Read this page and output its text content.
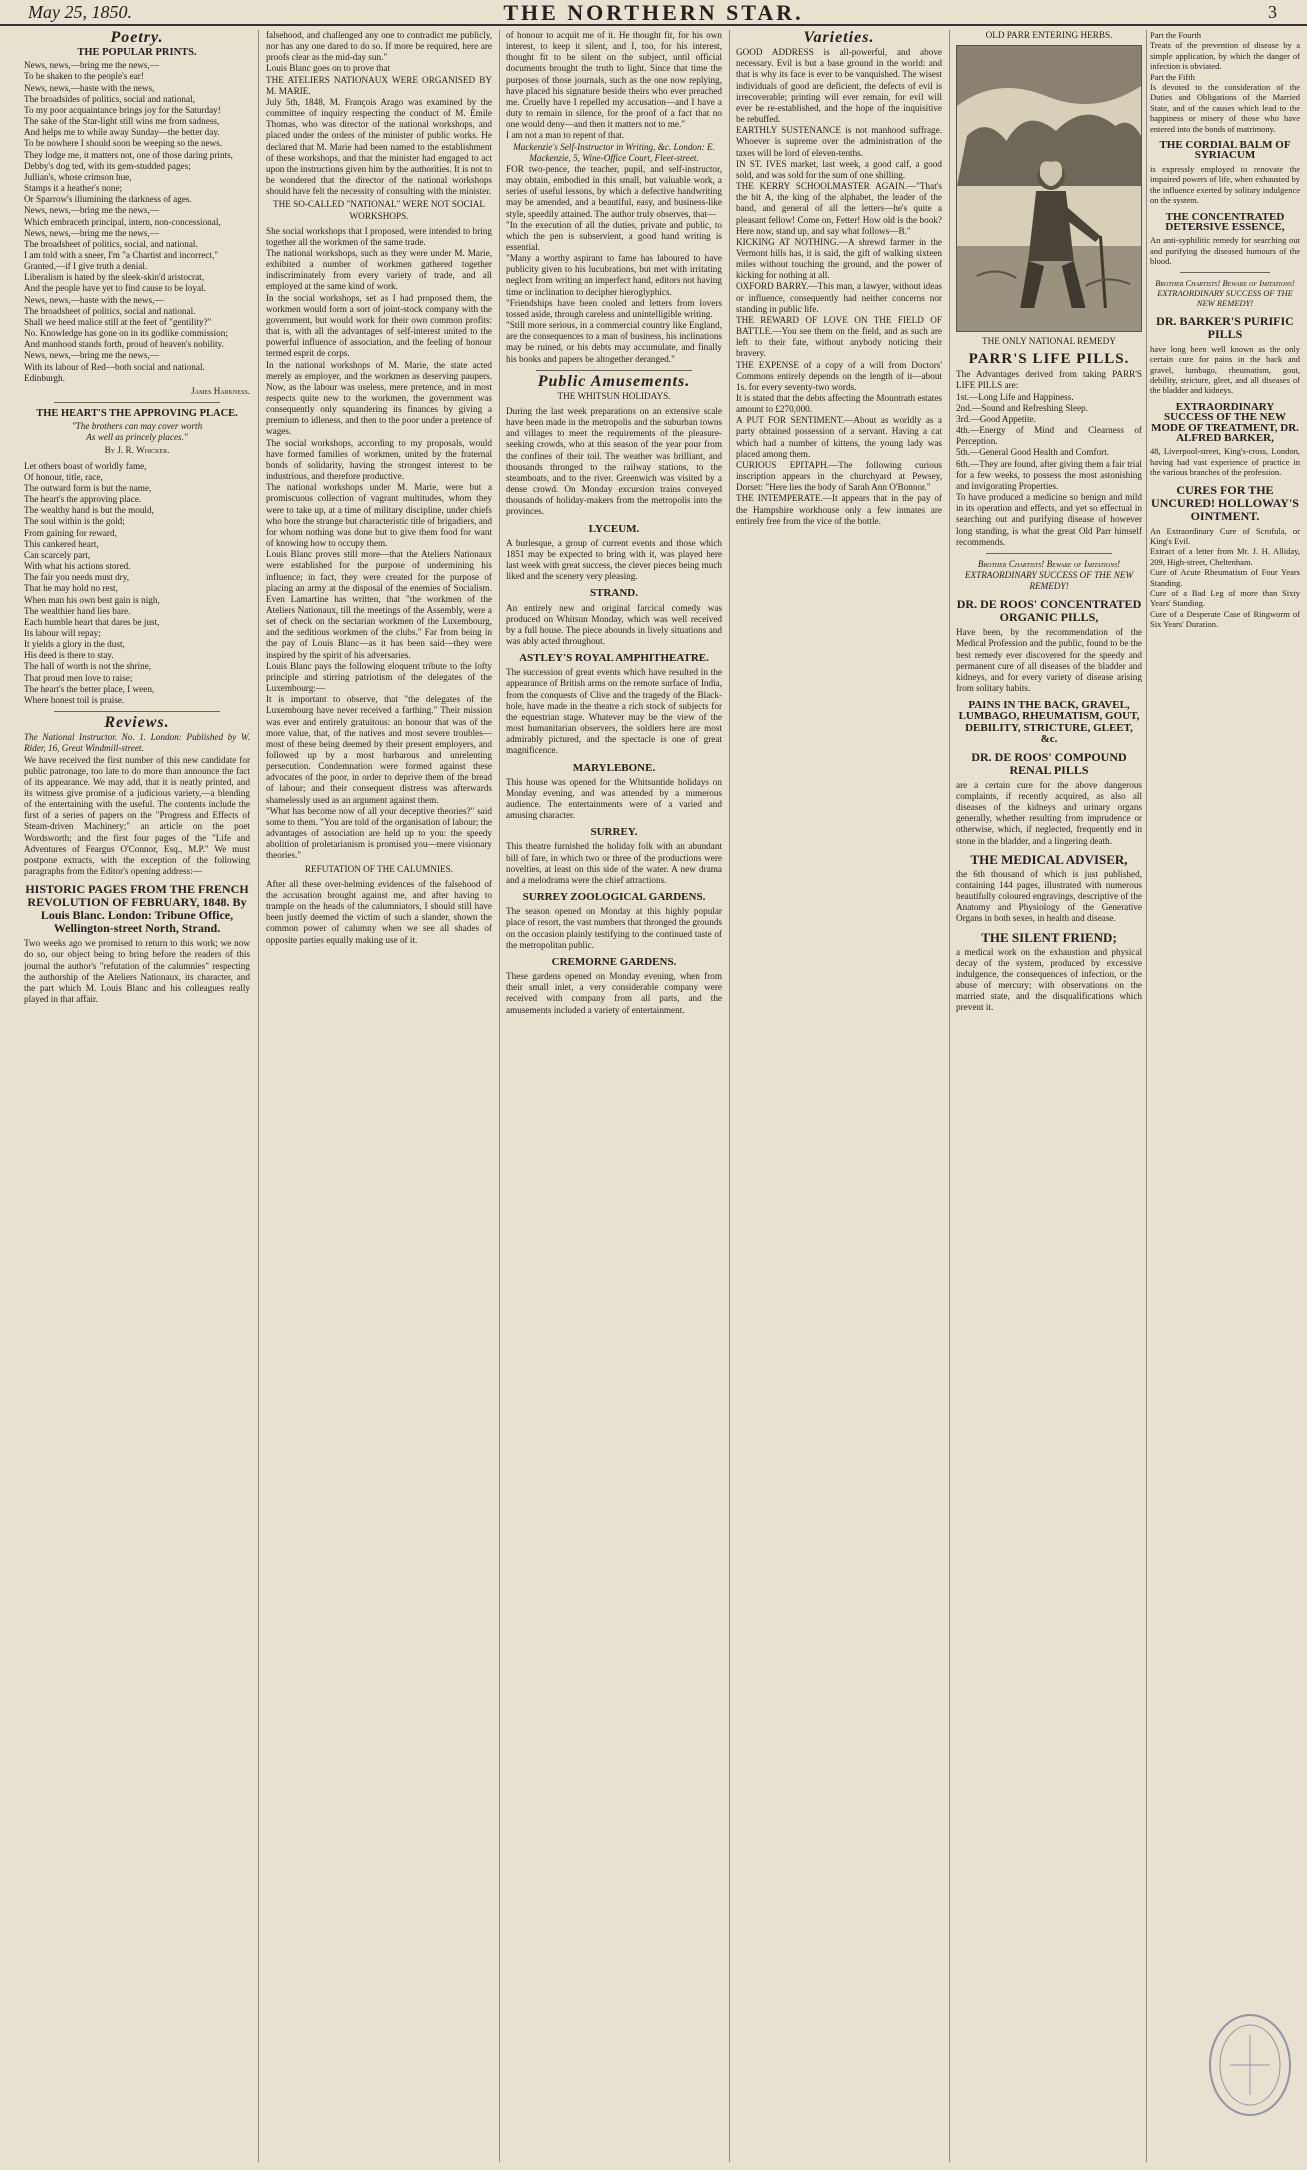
May 25, 1850.	THE NORTHERN STAR.	3
Poetry.
THE POPULAR PRINTS.

News, news,—bring me the news,—
To be shaken to the people's ear!
News, news,—haste with the news,
The broadsides of politics, social and national,
To my poor acquaintance brings joy for the Saturday!
The sake of the Star-light still wins me from sadness,
And helps me to while away Sunday—the better day.
To be nowhere I should soon be weeping so the news.
They lodge me, it matters not, one of those daring prints,
Debby's dog ted, with its gem-studded pages;
Jullian's, whose crimson hue,
Stamps it a heather's none;
Or Sparrow's illumining the darkness of ages.
News, news,—bring me the news,—
Which embraceth principal, intern, non-concessional,
News, news,—bring me the news,—
The broadsheet of politics, social, and national.
I am told with a sneer, I'm "a Chartist and incorrect,"
Granted,—if I give truth a denial.
Liberalism is hated by the sleek-skin'd aristocrat,
And the people have yet to find cause to be loyal.
News, news,—haste with the news,—
The broadsheet of politics, social and national.
Shall we heed malice still at the feet of "gentility?"
No. Knowledge has gone on in its godlike commission;
And manhood stands forth, proud of heaven's nobility.
News, news,—bring me the news,—
With its labour of Red—both social and national.
Edinburgh.

James Harkness.
THE HEART'S THE APPROVING PLACE.

"The brothers can may cover worth
As well as princely places."

By J. R. Whicker.

Let others boast of worldly fame,
Of honour, title, race,
The outward form is but the name,
The heart's the approving place.
The wealthy hand is but the mould,
The soul within is the gold;
From gaining for reward,
This cankered heart,
Can scarcely part,
With what his actions stored.
The fair you needs must dry,
That he may hold no rest,
When man his own best gain is nigh,
The wealthier hand lies bare.
Each humble heart that dares be just,
Its labour will repay;
It yields a glory in the dust,
His deed is there to stay.
The hall of worth is not the shrine,
That proud men love to raise;
The heart's the better place, I ween,
Where honest toil is praise.

Reviews.

The National Instructor. No. 1. London: Published by W. Rider, 16, Great Windmill-street.

We have received the first number of this new candidate for public patronage, too late to do more than announce the fact of its appearance. We may add, that it is neatly printed, and its witness give promise of a judicious variety,—a blending of the entertaining with the useful. The contents include the first of a series of papers on the "Progress and Effects of Steam-driven Machinery;" an article on the poet Wordsworth; and the first four pages of the "Life and Adventures of Feargus O'Connor, Esq., M.P." We must postpone extracts, with the exception of the following paragraphs from the Editor's opening address:—

HISTORIC PAGES FROM THE FRENCH REVOLUTION OF FEBRUARY, 1848. By Louis Blanc. London: Tribune Office, Wellington-street North, Strand.

Two weeks ago we promised to return to this work; we now do so, our object being to bring before the readers of this journal the author's "refutation of the calumnies" respecting the authorship of the Ateliers Nationaux, its character, and the part which M. Louis Blanc and his colleagues really played in that affair.

falsehood, and challenged any one to contradict me publicly, nor has any one dared to do so. If more be required, here are proofs clear as the mid-day sun."
Louis Blanc goes on to prove that
THE ATELIERS NATIONAUX WERE ORGANISED BY M. MARIE.
July 5th, 1848, M. François Arago was examined by the committee of inquiry respecting the conduct of M. Émile Thomas, who was director of the national workshops, and placed under the orders of the minister of public works. He declared that M. Marie had been named to the establishment of these workshops, and that the minister had engaged to act upon the instructions given him by the authorities. It is not to be wondered that the director of the national workshops should have felt the necessity of consulting with the minister.

THE SO-CALLED "NATIONAL" WERE NOT SOCIAL WORKSHOPS.

She social workshops that I proposed, were intended to bring together all the workmen of the same trade.
The national workshops, such as they were under M. Marie, exhibited a number of workmen gathered together indiscriminately from every variety of trade, and all employed at the same kind of work.
In the social workshops, set as I had proposed them, the workmen would form a sort of joint-stock company with the government, but would work for their own common profits: that is, with all the advantages of self-interest united to the powerful influence of association, and the feeling of honour termed esprit de corps.
In the national workshops of M. Marie, the state acted merely as employer, and the workmen as deserving paupers. Now, as the labour was useless, mere pretence, and in most respects quite new to the workmen, the government was consequently only squandering its finances by giving a premium to idleness, and then to the poor under a pretence of wages.
The social workshops, according to my proposals, would have formed families of workmen, united by the fraternal bonds of solidarity, having the strongest interest to be industrious, and therefore productive.
The national workshops under M. Marie, were but a promiscuous collection of vagrant multitudes, whom they were to take up, at a time of military discipline, under chiefs who bore the strange but characteristic title of brigadiers, and for whom nothing was done but to give them food for want of knowing how to occupy them.
Louis Blanc proves still more—that the Ateliers Nationaux were established for the purpose of undermining his influence; in fact, they were created for the purpose of placing an army at the disposal of the enemies of Socialism. Even Lamartine has written, that "the workmen of the Ateliers Nationaux, till the meetings of the Assembly, were a set of check on the sectarian workmen of the Luxembourg, and the seditious workmen of the clubs." Far from being in the pay of Louis Blanc—as it has been said—they were inspired by the spirit of his adversaries.
Louis Blanc pays the following eloquent tribute to the lofty principle and stirring patriotism of the delegates of the Luxembourg:—
It is important to observe, that "the delegates of the Luxembourg have never received a farthing." Their mission was ever and entirely gratuitous: an honour that was of the more value, that, of the natives and most severe troubles—most of these being deemed by their present employers, and followed up by a most barbarous and unrelenting persecution. Condemnation were formed against these advocates of the poor, in order to deprive them of the bread of labour; and their consequent distress was afterwards shamelessly used as an argument against them.
"What has become now of all your deceptive theories?" said some to them. "You are told of the organisation of labour; the advantages of association are held up to you: the speedy abolition of proletarianism is promised you—mere visionary theories."

REFUTATION OF THE CALUMNIES.

After all these over-helming evidences of the falsehood of the accusation brought against me, and after having to trample on the heads of the calumniators, I should still have been justly deemed the victim of such a slander, shown the common power of calumny when we see all shades of opposite parties equally making use of it.

of honour to acquit me of it. He thought fit, for his own interest, to keep it silent, and I, too, for his interest, thought fit to be silent on the subject, until official documents brought the truth to light. Since that time the purposes of those journals, such as the one now replying, have placed his signature beside theirs who ever preached me. Cruelly have I repelled my accusation—and I have a duty to remain in silence, for the proof of a fact that no one would deny—and then it matters not to me."
I am not a man to repent of that.

Mackenzie's Self-Instructor in Writing, &c. London: E. Mackenzie, 5, Wine-Office Court, Fleet-street.

FOR two-pence, the teacher, pupil, and self-instructor, may obtain, embodied in this small, but valuable work, a series of useful lessons, by which a defective handwriting may be amended, and a beautiful, easy, and business-like style, speedily attained. The author truly observes, that—
"In the execution of all the duties, private and public, to which the pen is subservient, a good hand writing is essential.
"Many a worthy aspirant to fame has laboured to have publicity given to his lucubrations, but met with irritating neglect from writing an imperfect hand, editors not having time or inclination to decipher hieroglyphics.
"Friendships have been cooled and letters from lovers tossed aside, through careless and unintelligible writing.
"Still more serious, in a commercial country like England, are the consequences to a man of business, his inclinations may be ruined, or his debts may accumulate, and finally his books and papers be altogether deranged."

Public Amusements.
THE WHITSUN HOLIDAYS.

During the last week preparations on an extensive scale have been made in the metropolis and the suburban towns and villages to meet the requirements of the pleasure-seeking crowds, who at this season of the year pour from the confines of their toil. The weather was brilliant, and thousands thronged to the railway stations, to the steamboats, and to the river. Greenwich was visited by a dense crowd. On Monday excursion trains conveyed thousands of holiday-makers from the metropolis into the provinces.

LYCEUM.

A burlesque, a group of current events and those which 1851 may be expected to bring with it, was played here last week with great success, the clever pieces being much liked and the scenery very pleasing.

STRAND.

An entirely new and original farcical comedy was produced on Whitsun Monday, which was well received by a full house. The piece abounds in lively situations and was ably acted throughout.

ASTLEY'S ROYAL AMPHITHEATRE.

The succession of great events which have resulted in the appearance of British arms on the remote surface of India, from the conquests of Clive and the tragedy of the Black-hole, have made in the theatre a rich stock of subjects for the equestrian stage. Whatever may be the view of the most humanitarian observers, the soldiers here are most admirably pictured, and the spectacle is one of great magnificence.

MARYLEBONE.

This house was opened for the Whitsuntide holidays on Monday evening, and was attended by a numerous audience. The entertainments were of a varied and amusing character.

SURREY.

This theatre furnished the holiday folk with an abundant bill of fare, in which two or three of the productions were novelties, at least on this side of the water. A new drama and a melodrama were the chief attractions.

SURREY ZOOLOGICAL GARDENS.

The season opened on Monday at this highly popular place of resort, the vast numbers that thronged the grounds on the occasion plainly testifying to the continued taste of the metropolitan public.

CREMORNE GARDENS.

These gardens opened on Monday evening, when from their small inlet, a very considerable company were received with company from all parts, and the amusements included a variety of entertainment.

Varieties.

GOOD ADDRESS is all-powerful, and above necessary. Evil is but a base ground in the world: and that is why its face is ever to be vanquished. The wisest individuals of good are deficient, the defects of evil is irrecoverable; printing will ever remain, for evil will ever be re-established, and the hope of the inquisitive be rebuffed.
EARTHLY SUSTENANCE is not manhood suffrage. Whoever is supreme over the administration of the taxes will be lord of eleven-tenths.
IN ST. IVES market, last week, a good calf, a good sold, and was sold for the sum of one shilling.
THE KERRY SCHOOLMASTER AGAIN.—"That's the bit A, the king of the alphabet, the leader of the band, and general of all the letters—he's quite a pleasant fellow! Come on, Fetter! How old is the book? Here now, stand up, and say what follows—B."
KICKING AT NOTHING.—A shrewd farmer in the Vermont hills has, it is said, the gift of walking sixteen miles without touching the ground, and the power of kicking for nothing at all.
OXFORD BARRY.—This man, a lawyer, without ideas or influence, consequently had neither concerns nor standing in public life.
THE REWARD OF LOVE ON THE FIELD OF BATTLE.—You see them on the field, and as such are left to their fate, without anybody noticing their bravery.
THE EXPENSE of a copy of a will from Doctors' Commons entirely depends on the length of it—about 1s. for every seventy-two words.
It is stated that the debts affecting the Mountrath estates amount to £270,000.
A PUT FOR SENTIMENT.—About as worldly as a party obtained possession of a servant. Having a cat which had a number of kittens, the young lady was placed among them.
CURIOUS EPITAPH.—The following curious inscription appears in the churchyard at Pewsey, Dorset: "Here lies the body of Sarah Ann O'Bonnor."
THE INTEMPERATE.—It appears that in the pay of the Hampshire workhouse only a few inmates are entirely free from the vice of the bottle.

OLD PARR ENTERING HERBS.
THE ONLY NATIONAL REMEDY
PARR'S LIFE PILLS.

The Advantages derived from taking PARR'S LIFE PILLS are:
1st.—Long Life and Happiness.
2nd.—Sound and Refreshing Sleep.
3rd.—Good Appetite.
4th.—Energy of Mind and Clearness of Perception.
5th.—General Good Health and Comfort.
6th.—They are found, after giving them a fair trial for a few weeks, to possess the most astonishing and invigorating Properties.
To have produced a medicine so benign and mild in its operation and effects, and yet so effectual in searching out and purifying disease of however long standing, is what the great Old Parr himself recommends.

Brother Chartists! Beware of Imitations! EXTRAORDINARY SUCCESS OF THE NEW REMEDY!
DR. DE ROOS' CONCENTRATED ORGANIC PILLS,

Have been, by the recommendation of the Medical Profession and the public, found to be the best remedy ever discovered for the speedy and permanent cure of all diseases of the bladder and kidneys, and for every variety of disease arising from solitary habits.

PAINS IN THE BACK, GRAVEL, LUMBAGO, RHEUMATISM, GOUT, DEBILITY, STRICTURE, GLEET, &c.
DR. DE ROOS' COMPOUND RENAL PILLS

are a certain cure for the above dangerous complaints, if recently acquired, as also all diseases of the kidneys and urinary organs generally, whether resulting from imprudence or otherwise, which, if neglected, frequently end in stone in the bladder, and a lingering death.

THE MEDICAL ADVISER,

the 6th thousand of which is just published, containing 144 pages, illustrated with numerous beautifully coloured engravings, descriptive of the Anatomy and Physiology of the Generative Organs in both sexes, in health and disease.

THE SILENT FRIEND;

a medical work on the exhaustion and physical decay of the system, produced by excessive indulgence, the consequences of infection, or the abuse of mercury; with observations on the married state, and the disqualifications which prevent it.

Part the Fourth
Treats of the prevention of disease by a simple application, by which the danger of infection is obviated.
Part the Fifth
Is devoted to the consideration of the Duties and Obligations of the Married State, and of the causes which lead to the happiness or misery of those who have entered into the bonds of matrimony.

THE CORDIAL BALM OF SYRIACUM

is expressly employed to renovate the impaired powers of life, when exhausted by the influence exerted by solitary indulgence on the system.

THE CONCENTRATED DETERSIVE ESSENCE,

An anti-syphilitic remedy for searching out and purifying the diseased humours of the blood.

Brother Chartists! Beware of Imitations! EXTRAORDINARY SUCCESS OF THE NEW REMEDY!
DR. BARKER'S PURIFIC PILLS

have long been well known as the only certain cure for pains in the back and gravel, lumbago, rheumatism, gout, debility, stricture, gleet, and all diseases of the bladder and kidneys.

EXTRAORDINARY SUCCESS OF THE NEW MODE OF TREATMENT, DR. ALFRED BARKER,

48, Liverpool-street, King's-cross, London, having had vast experience of practice in the various branches of the profession.

CURES FOR THE UNCURED! HOLLOWAY'S OINTMENT.

An Extraordinary Cure of Scrofula, or King's Evil.
Extract of a letter from Mr. J. H. Alliday, 209, High-street, Cheltenham.
Cure of Acute Rheumatism of Four Years Standing.
Cure of a Bad Leg of more than Sixty Years' Standing.
Cure of a Desperate Case of Ringworm of Six Years' Duration.
